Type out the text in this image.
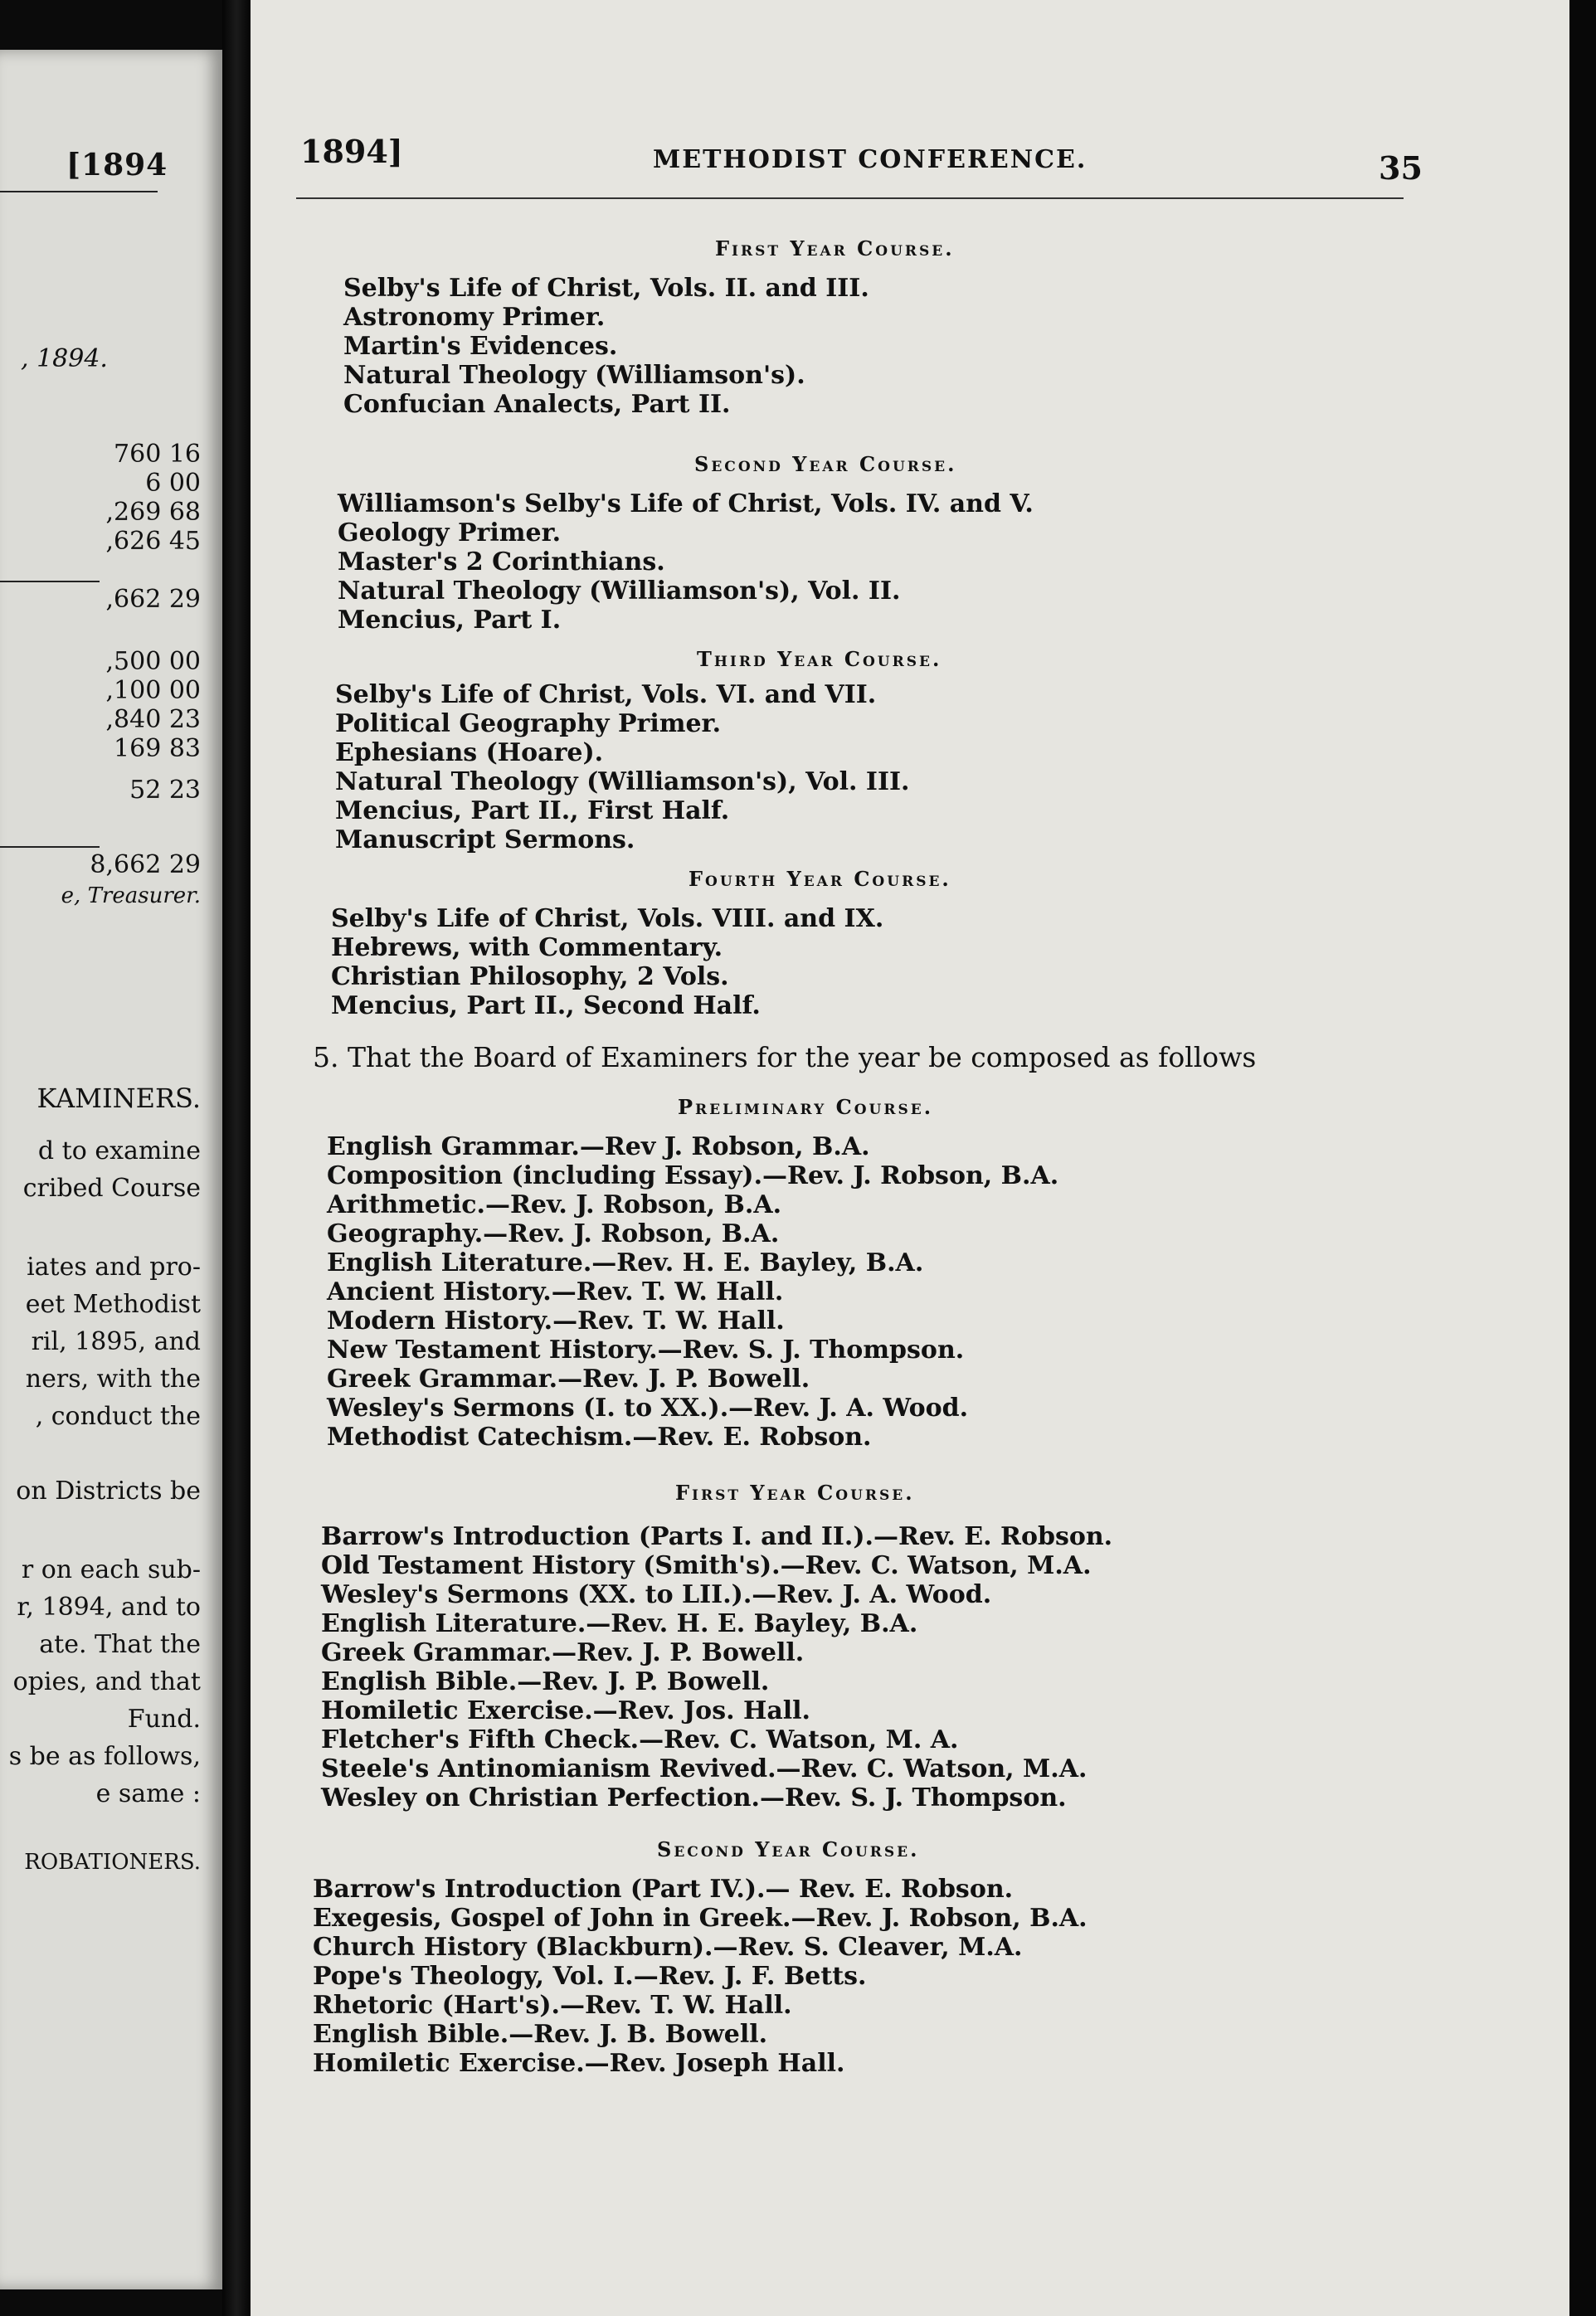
[1894
, 1894.
760 16
6 00
,269 68
,626 45
,662 29
,500 00
,100 00
,840 23
169 83
52 23
8,662 29
e, Treasurer.
KAMINERS.
d to examine
cribed Course
iates and pro-
eet Methodist
ril, 1895, and
ners, with the
, conduct the
on Districts be
r on each sub-
r, 1894, and to
ate. That the
opies, and that
Fund.
s be as follows,
e same :
ROBATIONERS.
1894]	METHODIST CONFERENCE.	35
First Year Course.
Selby's Life of Christ, Vols. II. and III.
Astronomy Primer.
Martin's Evidences.
Natural Theology (Williamson's).
Confucian Analects, Part II.
Second Year Course.
Williamson's Selby's Life of Christ, Vols. IV. and V.
Geology Primer.
Master's 2 Corinthians.
Natural Theology (Williamson's), Vol. II.
Mencius, Part I.
Third Year Course.
Selby's Life of Christ, Vols. VI. and VII.
Political Geography Primer.
Ephesians (Hoare).
Natural Theology (Williamson's), Vol. III.
Mencius, Part II., First Half.
Manuscript Sermons.
Fourth Year Course.
Selby's Life of Christ, Vols. VIII. and IX.
Hebrews, with Commentary.
Christian Philosophy, 2 Vols.
Mencius, Part II., Second Half.
5. That the Board of Examiners for the year be composed as follows
Preliminary Course.
English Grammar.—Rev J. Robson, B.A.
Composition (including Essay).—Rev. J. Robson, B.A.
Arithmetic.—Rev. J. Robson, B.A.
Geography.—Rev. J. Robson, B.A.
English Literature.—Rev. H. E. Bayley, B.A.
Ancient History.—Rev. T. W. Hall.
Modern History.—Rev. T. W. Hall.
New Testament History.—Rev. S. J. Thompson.
Greek Grammar.—Rev. J. P. Bowell.
Wesley's Sermons (I. to XX.).—Rev. J. A. Wood.
Methodist Catechism.—Rev. E. Robson.
First Year Course.
Barrow's Introduction (Parts I. and II.).—Rev. E. Robson.
Old Testament History (Smith's).—Rev. C. Watson, M.A.
Wesley's Sermons (XX. to LII.).—Rev. J. A. Wood.
English Literature.—Rev. H. E. Bayley, B.A.
Greek Grammar.—Rev. J. P. Bowell.
English Bible.—Rev. J. P. Bowell.
Homiletic Exercise.—Rev. Jos. Hall.
Fletcher's Fifth Check.—Rev. C. Watson, M. A.
Steele's Antinomianism Revived.—Rev. C. Watson, M.A.
Wesley on Christian Perfection.—Rev. S. J. Thompson.
Second Year Course.
Barrow's Introduction (Part IV.).— Rev. E. Robson.
Exegesis, Gospel of John in Greek.—Rev. J. Robson, B.A.
Church History (Blackburn).—Rev. S. Cleaver, M.A.
Pope's Theology, Vol. I.—Rev. J. F. Betts.
Rhetoric (Hart's).—Rev. T. W. Hall.
English Bible.—Rev. J. B. Bowell.
Homiletic Exercise.—Rev. Joseph Hall.
